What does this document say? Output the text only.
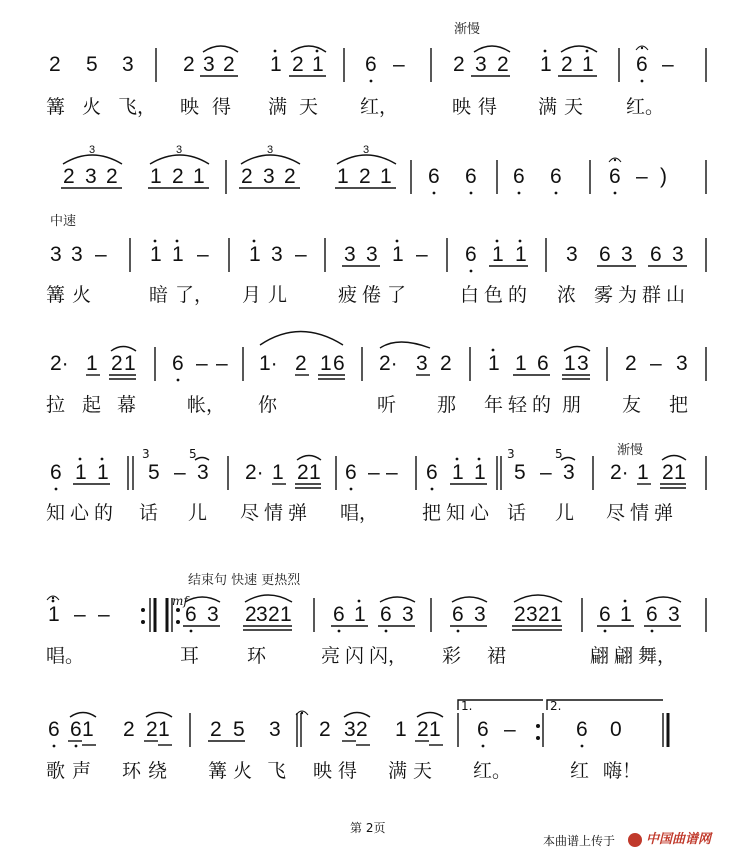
渐慢
中速
渐慢
结束句 快速 更热烈
mf
1.	2.
2 5 3 2 3 2 1 2 1 6 – 2 3 2 1 2 1 6 –
篝 火 飞， 映 得 满 天 红，	映 得 满 天 红。
2 3 2 1 2 1 2 3 2 1 2 1 6 6 6 6 6 – )
3 3 – 1 1 – 1 3 – 3 3 1 – 6 1 1 3 6 3 6 3
篝 火	暗 了， 月 儿	疲 倦 了	白 色 的 浓 雾 为 群 山
2· 1 2 1 6 – – 1· 2 1 6 2· 3 2 1 1 6 1 3 2 – 3
拉 起 幕	帐， 你	听 那 年 轻 的 朋 友 把
6 1 1
3
5 –
5
3 2· 1 2 1 6 – – 6 1 1
3
5 –
5
3 2· 1 2 1
知 心 的 话 儿 尽 情 弹 唱， 把 知 心 话 儿 尽 情 弹
1 – –	6 3 2 3 2 1 6 1 6 3 6 3 2 3 2 1 6 1 6 3
唱。	耳	环	亮 闪 闪， 彩 裙	翩 翩 舞，
6 6 1 2 2 1 2 5 3 2 3 2 1 2 1 6 –	6 0
歌 声 环 绕 篝 火 飞 映 得 满 天 红。	红 嗨！
第 2页
本曲谱上传于 中国曲谱网
3	3	3	3
